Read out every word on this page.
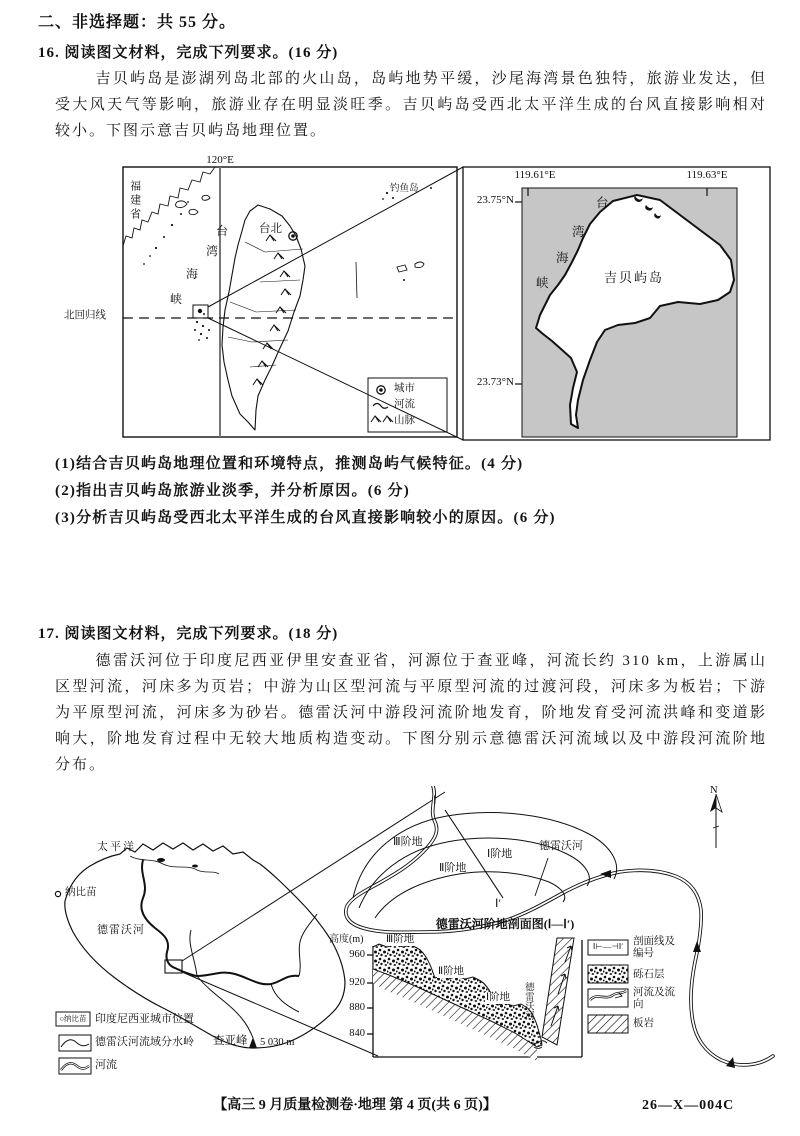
二、非选择题：共 55 分。
16. 阅读图文材料，完成下列要求。(16 分)
吉贝屿岛是澎湖列岛北部的火山岛，岛屿地势平缓，沙尾海湾景色独特，旅游业发达，但受大风天气等影响，旅游业存在明显淡旺季。吉贝屿岛受西北太平洋生成的台风直接影响相对较小。下图示意吉贝屿岛地理位置。
120°E
福建省
台北
台
湾
海
峡
钓鱼岛
北回归线
城市
河流
山脉
119.61°E	119.63°E
23.75°N
23.73°N
台
湾
海
峡	吉贝屿岛
(1)结合吉贝屿岛地理位置和环境特点，推测岛屿气候特征。(4 分)
(2)指出吉贝屿岛旅游业淡季，并分析原因。(6 分)
(3)分析吉贝屿岛受西北太平洋生成的台风直接影响较小的原因。(6 分)
17. 阅读图文材料，完成下列要求。(18 分)
德雷沃河位于印度尼西亚伊里安查亚省，河源位于查亚峰，河流长约 310 km，上游属山区型河流，河床多为页岩；中游为山区型河流与平原型河流的过渡河段，河床多为板岩；下游为平原型河流，河床多为砂岩。德雷沃河中游段河流阶地发育，阶地发育受河流洪峰和变道影响大，阶地发育过程中无较大地质构造变动。下图分别示意德雷沃河流域以及中游段河流阶地分布。
太平洋
纳比苗
德雷沃河
查亚峰 5 030 m
Ⅲ阶地
Ⅱ阶地
Ⅰ阶地
德雷沃河
Ⅰ
Ⅰ′
N
德雷沃河阶地剖面图(Ⅰ—Ⅰ′)
高度(m)
960
920
880
840
Ⅲ阶地
Ⅱ阶地
Ⅰ阶地 德雷沃河
Ⅰ⊢—⊣Ⅰ′ 剖面线及编号
砾石层
河流及流向
板岩
○纳比苗 印度尼西亚城市位置
德雷沃河流域分水岭
河流
【高三 9 月质量检测卷·地理 第 4 页(共 6 页)】	26—X—004C
